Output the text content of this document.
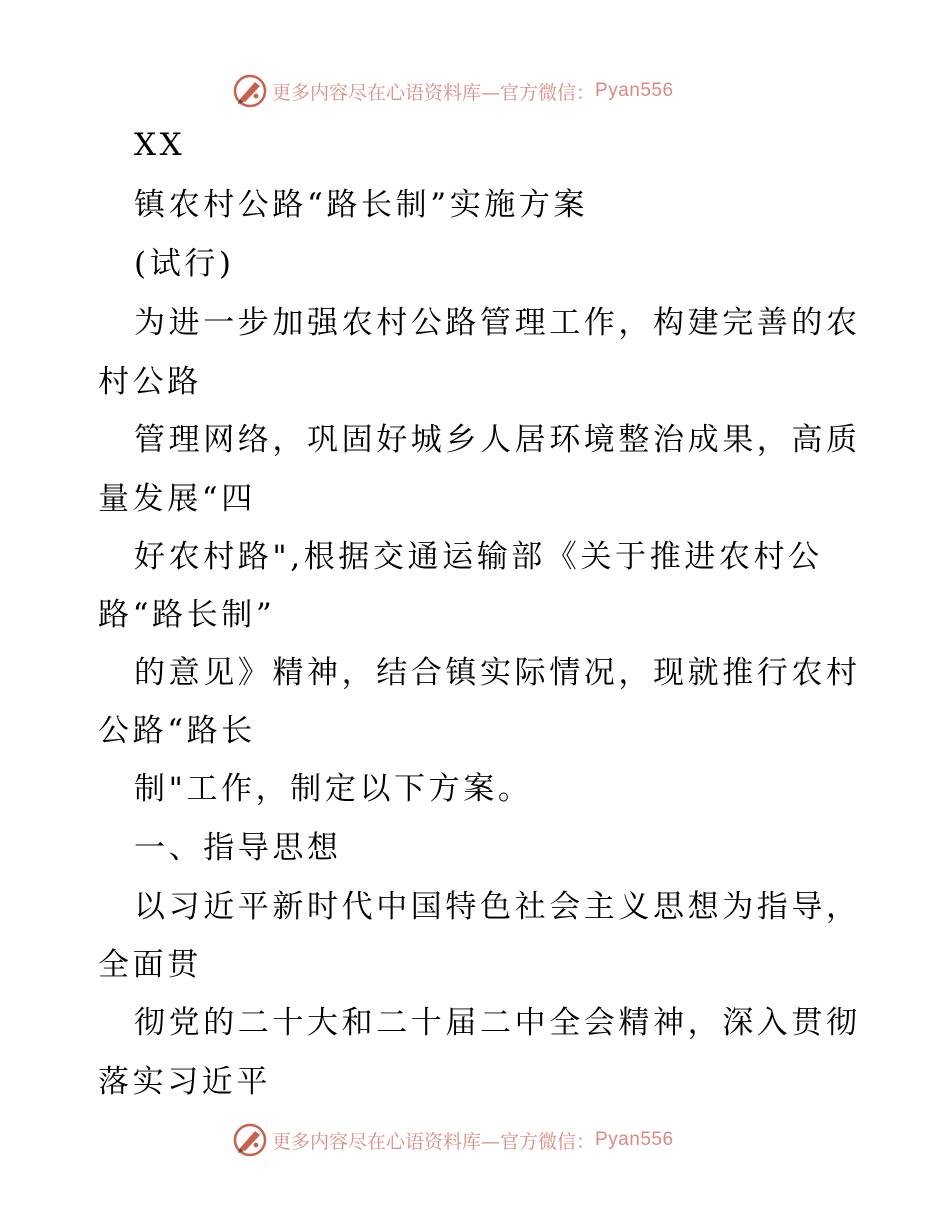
更多内容尽在心语资料库—官方微信： Pyan556
XX
镇农村公路“路长制”实施方案
(试行)
为进一步加强农村公路管理工作，构建完善的农
村公路
管理网络，巩固好城乡人居环境整治成果，高质
量发展“四
好农村路",根据交通运输部《关于推进农村公
路“路长制”
的意见》精神，结合镇实际情况，现就推行农村
公路“路长
制"工作，制定以下方案。
一、指导思想
以习近平新时代中国特色社会主义思想为指导，
全面贯
彻党的二十大和二十届二中全会精神，深入贯彻
落实习近平
更多内容尽在心语资料库—官方微信： Pyan556
